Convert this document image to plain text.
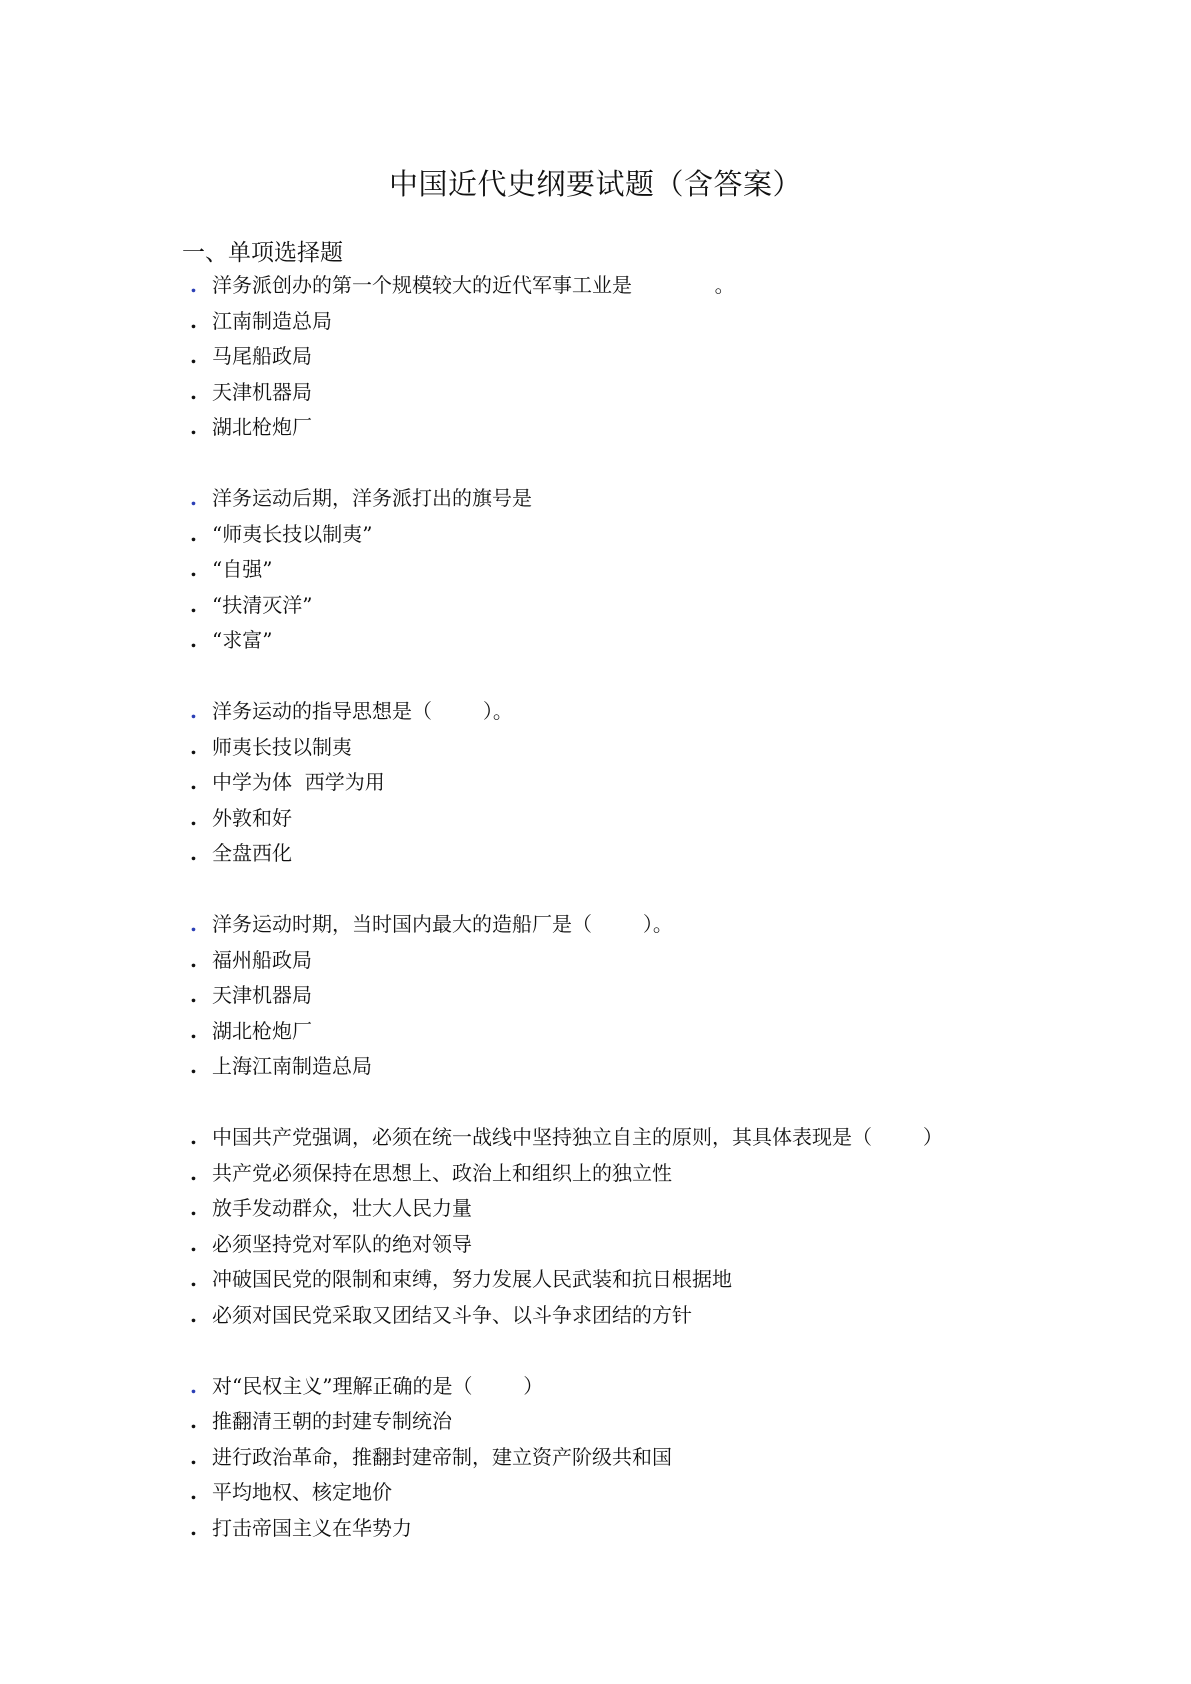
中国近代史纲要试题（含答案）
一、单项选择题
. 洋务派创办的第一个规模较大的近代军事工业是             。
. 江南制造总局
. 马尾船政局
. 天津机器局
. 湖北枪炮厂
. 洋务运动后期，洋务派打出的旗号是
. “师夷长技以制夷”
. “自强”
. “扶清灭洋”
. “求富”
. 洋务运动的指导思想是（        ）。
. 师夷长技以制夷
. 中学为体  西学为用
. 外敦和好
. 全盘西化
. 洋务运动时期，当时国内最大的造船厂是（        ）。
. 福州船政局
. 天津机器局
. 湖北枪炮厂
. 上海江南制造总局
. 中国共产党强调，必须在统一战线中坚持独立自主的原则，其具体表现是（        ）
. 共产党必须保持在思想上、政治上和组织上的独立性
. 放手发动群众，壮大人民力量
. 必须坚持党对军队的绝对领导
. 冲破国民党的限制和束缚，努力发展人民武装和抗日根据地
. 必须对国民党采取又团结又斗争、以斗争求团结的方针
. 对“民权主义”理解正确的是（        ）
. 推翻清王朝的封建专制统治
. 进行政治革命，推翻封建帝制，建立资产阶级共和国
. 平均地权、核定地价
. 打击帝国主义在华势力
